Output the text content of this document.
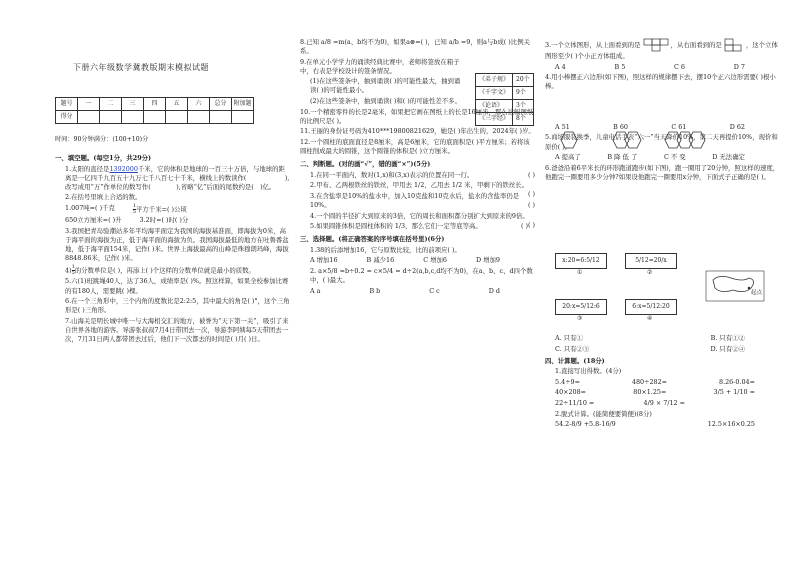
下册六年级数学冀教版期末模拟试题
题号	一	二	三	四	五	六	总分	附加题
得分								
时间：90分钟满分：(100+10)分
一、填空题。(每空1分，共29分)
1.太阳的直径是1392000千米，它的体积是地球的一百三十万倍，与地球的距离是一亿四千九百五十九万七千八百七十千米，横线上的数读作(　　　　　　	),改写成用“万”作单位的数写作(　　　　	),省略“亿”后面的尾数约是(　 )亿。
2.在括号里填上合适的数。
1.007吨=( )千克	$\frac{1}{5}$ 平方千米=( )公顷
650立方厘米=( )升	3.2时=( )时( )分
3.我国把青岛验潮站多年平均海平面定为我国的海拔基准面，即海拔为0米，高于海平面的海拔为正，低于海平面的海拔为负。我国海拔最低的地方在吐鲁番盆地，低于海平面154米，记作( )米。世界上海拔最高的山峰是珠穆朗玛峰，海拔8848.86米，记作( )米。
$4) \frac{1}{5}$ 的分数单位是( )，再添上( )个这样的分数单位就是最小的质数。
5.六(1)班跳绳40人，达了36人，成绩率是( )%。照这样算，如果全校参加比赛的有180人，需要跳( )棵。
6.在一个三角形中，三个内角的度数比是2:2:5，其中最大的角是( )°，这个三角形是( )三角形。
7.山海关是明长城中唯一与大海相交汇的地方，被誉为“天下第一关”，吸引了来自世界各地的游客。导游张叔叔7月4日带团去一次，导游李阿姨每5天带团去一次，7月31日两人都带团去过后，他们下一次都去的时间是( )月( )日。
8.已知 a/8 =m(a、b均不为0)，如果a⊗=( )，已知 a/b =9，则a与b成( )比例关系。
9.在单元小学学力的诵读经典比赛中，老师将签放在箱子中，右表是学校设计的签条情况。
(1)在这些签条中，抽到诵读( )的可能性最大，抽到诵读( )的可能性最小。
(2)在这些签条中，抽到诵读( )和( )的可能性差不多。
10.一个精密零件的长是2毫米，如果把它画在图纸上的长是16厘米，那么这幅图纸的比例尺是( )。
11.王丽的身份证号码为410***19800821629，她是( )年出生的，2024年( )岁。
12.一个圆柱的底面直径是8厘米，高是6厘米，它的底面积是( )平方厘米；若将该圆柱削成最大的圆锥，这个圆锥的体积是( )立方厘米。
二、判断题。(对的画“√”，错的画“×”)(5分)
1.在同一平面内，数对(1,x)和(3,x)表示的位置在同一行。	( )
2.甲布、乙两根铁丝的铁丝，甲用去 1/2，乙用去 1/2 米，甲剩下的铁丝长。
( )
3.在含盐率是10%的盐水中，加入10克盐和10克水后，盐水的含盐率仍是10%。	( )
4.一个圆的半径扩大到原来的3倍，它的周长和面积都分别扩大到原来的9倍。
( )
5.如果圆锥体积是圆柱体积的 1/3，那么它们一定等底等高。	( )
三、选择题。(将正确答案的序号填在括号里)(6分)
1.38的后添增加16，它与原数比较，比的前项应( )。
A 增加16	B 减少16	C 增加6	D 增加9
2. a×5/8 =b÷0.2 = c×5/4 = d÷2(a,b,c,d均不为0)，在a、b、c、d四个数中，( )最大。
A a	B b	C c	D d
《弟子规》	20个
《千字文》	9个
《论语》	3个
《三字经》	8个
3.一个立体图形，从上面看到的是	，从右面看到的是	，这个立体图形至少( )个小正方体组成。
A 4	B 5	C 6	D 7
4.用小棒摆正六边形(如下图)，照这样的规律摆下去，摆10个正六边形需要( )根小棒。
A 51	B 60	C 61	D 62
5.商场服装换季，儿童电话手表“六一”当天降价10%，第二天再提价10%，现价和原价( )。
A 提高了	B 降 低 了	C 不 变	D 无法确定
6.爸爸沿着6平米长的环形跑道跑步(如下图)，跑一圈用了20分钟，照这样的速度，他跑完一圈要用多少分钟?如果设他跑完一圈要用x分钟，下面式子正确的是( )。
x:20=6:5/12	5/12=20/x
①	②
20:x=5/12:6	6:x=5/12:20
③	④
起点
A. 只有①	B. 只有①②
C. 只有②③	D. 只有②④
四、计算题。(18分)
1.直接写出得数。(4分)
5.4÷9=	480÷282=	8.26-0.04=
40×208=	80×1.25=	3/5 + 1/10 =
22÷11/10 =	4/9 × 7/12 =
2.脱式计算。(能简便要简便)(8分)
54.2-8/9 +5.8-16/9	12.5×16×0.25
